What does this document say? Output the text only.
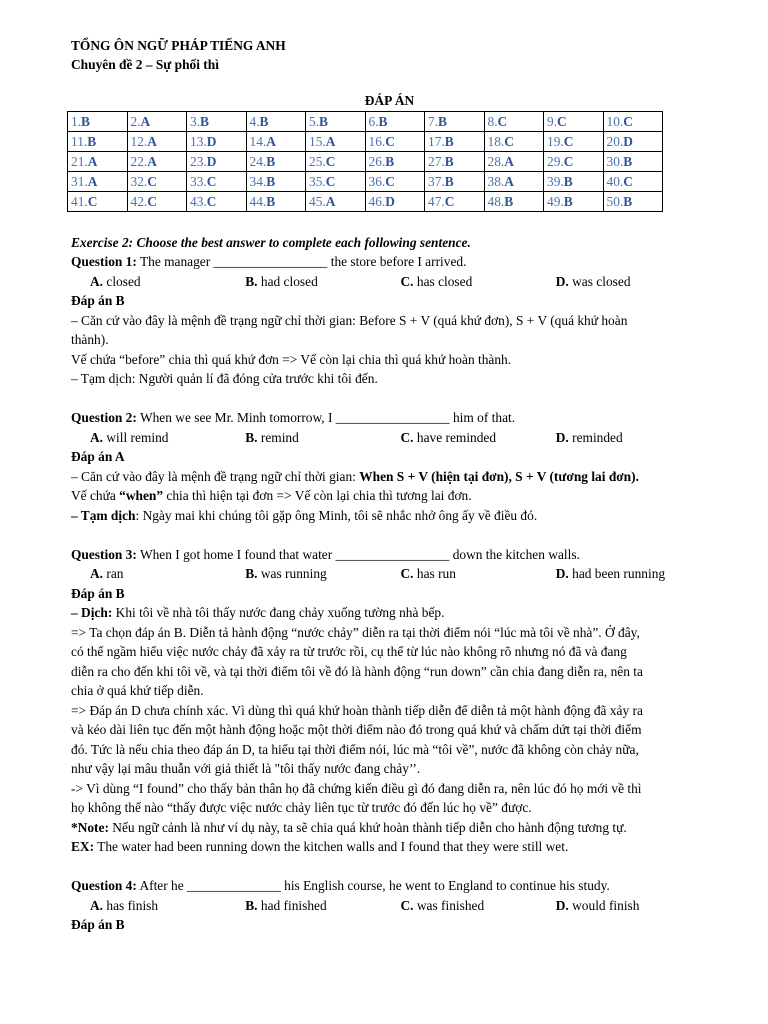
TỔNG ÔN NGỮ PHÁP TIẾNG ANH
Chuyên đề 2 – Sự phối thì
ĐÁP ÁN
1.B	2.A	3.B	4.B	5.B	6.B	7.B	8.C	9.C	10.C
11.B	12.A	13.D	14.A	15.A	16.C	17.B	18.C	19.C	20.D
21.A	22.A	23.D	24.B	25.C	26.B	27.B	28.A	29.C	30.B
31.A	32.C	33.C	34.B	35.C	36.C	37.B	38.A	39.B	40.C
41.C	42.C	43.C	44.B	45.A	46.D	47.C	48.B	49.B	50.B
Exercise 2: Choose the best answer to complete each following sentence.
Question 1: The manager _________________ the store before I arrived.
A. closed	B. had closed	C. has closed	D. was closed
Đáp án B
– Căn cứ vào đây là mệnh đề trạng ngữ chỉ thời gian: Before S + V (quá khứ đơn), S + V (quá khứ hoàn
thành).
Vế chứa “before” chia thì quá khứ đơn => Vế còn lại chia thì quá khứ hoàn thành.
– Tạm dịch: Người quản lí đã đóng cửa trước khi tôi đến.
Question 2: When we see Mr. Minh tomorrow, I _________________ him of that.
A. will remind	B. remind	C. have reminded	D. reminded
Đáp án A
– Căn cứ vào đây là mệnh đề trạng ngữ chỉ thời gian: When S + V (hiện tại đơn), S + V (tương lai đơn).
Vế chứa “when” chia thì hiện tại đơn => Vế còn lại chia thì tương lai đơn.
– Tạm dịch: Ngày mai khi chúng tôi gặp ông Minh, tôi sẽ nhắc nhở ông ấy về điều đó.
Question 3: When I got home I found that water _________________ down the kitchen walls.
A. ran	B. was running	C. has run	D. had been running
Đáp án B
– Dịch: Khi tôi về nhà tôi thấy nước đang chảy xuống tường nhà bếp.
=> Ta chọn đáp án B. Diễn tả hành động “nước chảy” diễn ra tại thời điểm nói “lúc mà tôi về nhà”. Ở đây,
có thể ngầm hiểu việc nước chảy đã xảy ra từ trước rồi, cụ thể từ lúc nào không rõ nhưng nó đã và đang
diễn ra cho đến khi tôi về, và tại thời điểm tôi về đó là hành động “run down” cần chia đang diễn ra, nên ta
chia ở quá khứ tiếp diễn.
=> Đáp án D chưa chính xác. Vì dùng thì quá khứ hoàn thành tiếp diễn để diễn tả một hành động đã xảy ra
và kéo dài liên tục đến một hành động hoặc một thời điểm nào đó trong quá khứ và chấm dứt tại thời điểm
đó. Tức là nếu chia theo đáp án D, ta hiểu tại thời điểm nói, lúc mà “tôi về”, nước đã không còn chảy nữa,
như vậy lại mâu thuẫn với giả thiết là "tôi thấy nước đang chảy’’.
-> Vì dùng “I found” cho thấy bản thân họ đã chứng kiến điều gì đó đang diễn ra, nên lúc đó họ mới về thì
họ không thể nào “thấy được việc nước chảy liên tục từ trước đó đến lúc họ về” được.
*Note: Nếu ngữ cảnh là như ví dụ này, ta sẽ chia quá khứ hoàn thành tiếp diễn cho hành động tương tự.
EX: The water had been running down the kitchen walls and I found that they were still wet.
Question 4: After he ______________ his English course, he went to England to continue his study.
A. has finish	B. had finished	C. was finished	D. would finish
Đáp án B
